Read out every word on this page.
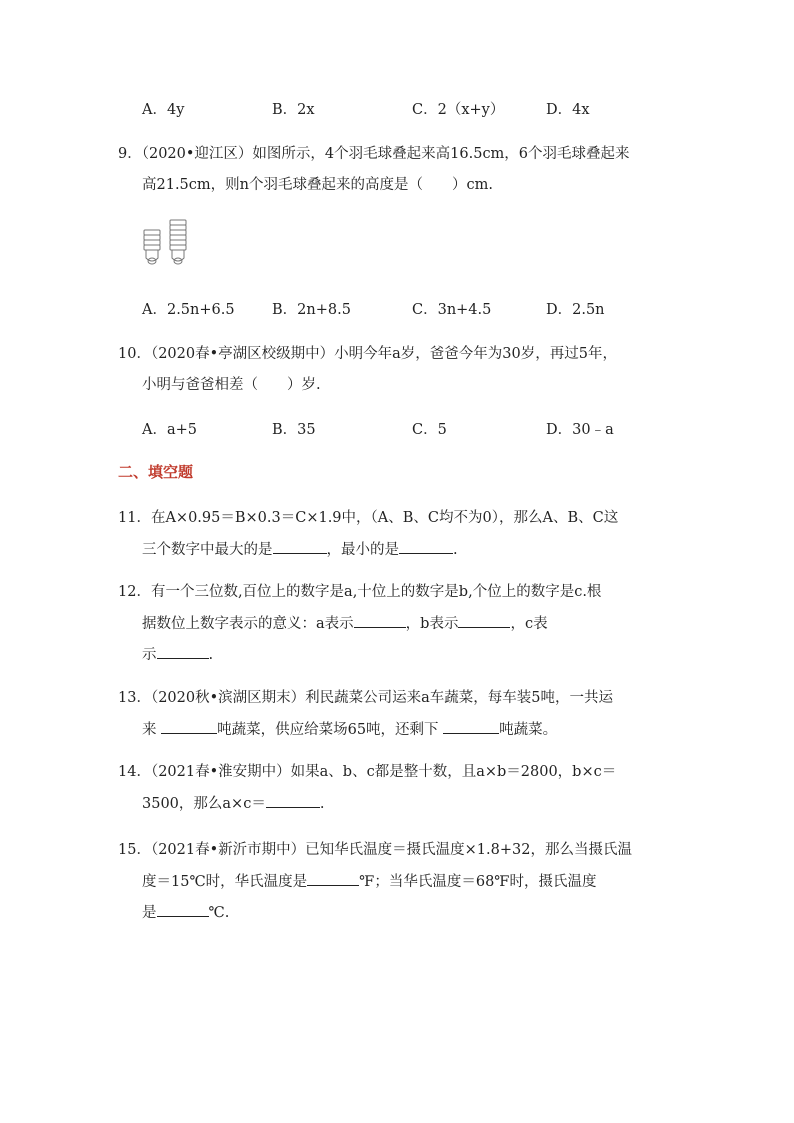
A．4y	B．2x	C．2（x+y）	D．4x
9．（2020•迎江区）如图所示，4个羽毛球叠起来高16.5cm，6个羽毛球叠起来
高21.5cm，则n个羽毛球叠起来的高度是（　　）cm.
A．2.5n+6.5	B．2n+8.5	C．3n+4.5	D．2.5n
10．（2020春•亭湖区校级期中）小明今年a岁，爸爸今年为30岁，再过5年，
小明与爸爸相差（　　）岁.
A．a+5	B．35	C．5	D．30﹣a
二、填空题
11．在A×0.95＝B×0.3＝C×1.9中，（A、B、C均不为0），那么A、B、C这
三个数字中最大的是	，最小的是	.
12．有一个三位数,百位上的数字是a,十位上的数字是b,个位上的数字是c.根
据数位上数字表示的意义：a表示	，b表示	，c表
示	.
13．（2020秋•滨湖区期末）利民蔬菜公司运来a车蔬菜，每车装5吨，一共运
来	吨蔬菜，供应给菜场65吨，还剩下	吨蔬菜。
14．（2021春•淮安期中）如果a、b、c都是整十数，且a×b＝2800，b×c＝
3500，那么a×c＝	.
15．（2021春•新沂市期中）已知华氏温度＝摄氏温度×1.8+32，那么当摄氏温
度＝15℃时，华氏温度是	℉；当华氏温度＝68℉时，摄氏温度
是	℃.
